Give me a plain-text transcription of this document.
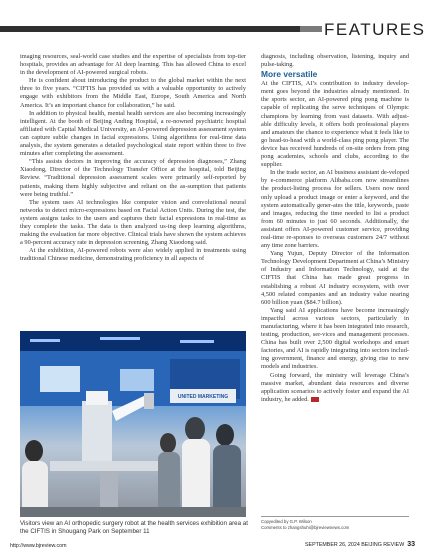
FEATURES

imaging resources, seal-world case studies and the expertise of specialists from top-tier hospitals, provides an advantage for AI deep learning. This has allowed China to excel in the development of AI-powered surgical robots.

He is confident about introducing the product to the global market within the next three to five years. “CIFTIS has provided us with a valuable opportunity to actively engage with exhibitors from the Middle East, Europe, South America and North America. It’s an important chance for collaboration,” he said.

In addition to physical health, mental health services are also becoming increasingly intelligent. At the booth of Beijing Anding Hospital, a re-nowned psychiatric hospital affiliated with Capital Medical University, an AI-powered depression assessment system can capture subtle changes in facial expressions. Using algorithms for real-time data analysis, the system generates a detailed psychological state report within three to five minutes after completing the assessment.

“This assists doctors in improving the accuracy of depression diagnoses,” Zhang Xiaodong, Director of the Technology Transfer Office at the hospital, told Beijing Review. “Traditional depression assessment scales were primarily self-reported by patients, making them highly subjective and reliant on the as-sumption that patients were being truthful.”

The system uses AI technologies like computer vision and convolutional neural networks to detect micro-expressions based on Facial Action Units. During the test, the system assigns tasks to the users and captures their facial expressions in real-time as they complete the tasks. The data is then analyzed us-ing deep learning algorithms, making the evaluation far more objective. Clinical trials have shown the system achieves a 90-percent accuracy rate in depression screening, Zhang Xiaodong said.

At the exhibition, AI-powered robots were also widely applied in treatments using traditional Chinese medicine, demonstrating proficiency in all aspects of

diagnosis, including observation, listening, inquiry and pulse-taking.

More versatile

At the CIFTIS, AI’s contribution to industry develop-ment goes beyond the industries already mentioned. In the sports sector, an AI-powered ping pong machine is capable of replicating the serve techniques of Olympic champions by learning from vast datasets. With adjust-able difficulty levels, it offers both professional players and amateurs the chance to experience what it feels like to go head-to-head with a world-class ping pong player. The device has received hundreds of on-site orders from ping pong academies, schools and clubs, according to the supplier.

In the trade sector, an AI business assistant de-veloped by e-commerce platform Alibaba.com now streamlines the product-listing process for sellers. Users now need only upload a product image or enter a keyword, and the system automatically gener-ates the title, keywords, paste and images, reducing the time needed to list a product from 60 minutes to just 60 seconds. Additionally, the assistant offers AI-powered customer service, providing real-time re-sponses to overseas customers 24/7 without any time zone barriers.

Yang Yujun, Deputy Director of the Information Technology Development Department at China’s Ministry of Industry and Information Technology, said at the CIFTIS that China has made great progress in establishing a robust AI industry ecosystem, with over 4,500 related companies and an industry value nearing 600 billion yuan ($84.7 billion).

Yang said AI applications have become increasingly impactful across various sectors, particularly in manufacturing, where it has been integrated into research, testing, production, ser-vices and management processes. China has built over 2,500 digital workshops and smart factories, and AI is rapidly integrating into sectors includ-ing government, finance and energy, giving rise to new models and industries.

Going forward, the ministry will leverage China’s massive market, abundant data resources and diverse application scenarios to actively foster and expand the AI industry, he added.

UNITED MARKETING
Visitors view an AI orthopedic surgery robot at the health services exhibition area at the CIFTIS in Shougang Park on September 11
Copyedited by G.P. Wilson
Comments to zhangshuhi@bjreviewnews.com
http://www.bjreview.com	SEPTEMBER 26, 2024 BEIJING REVIEW 33
